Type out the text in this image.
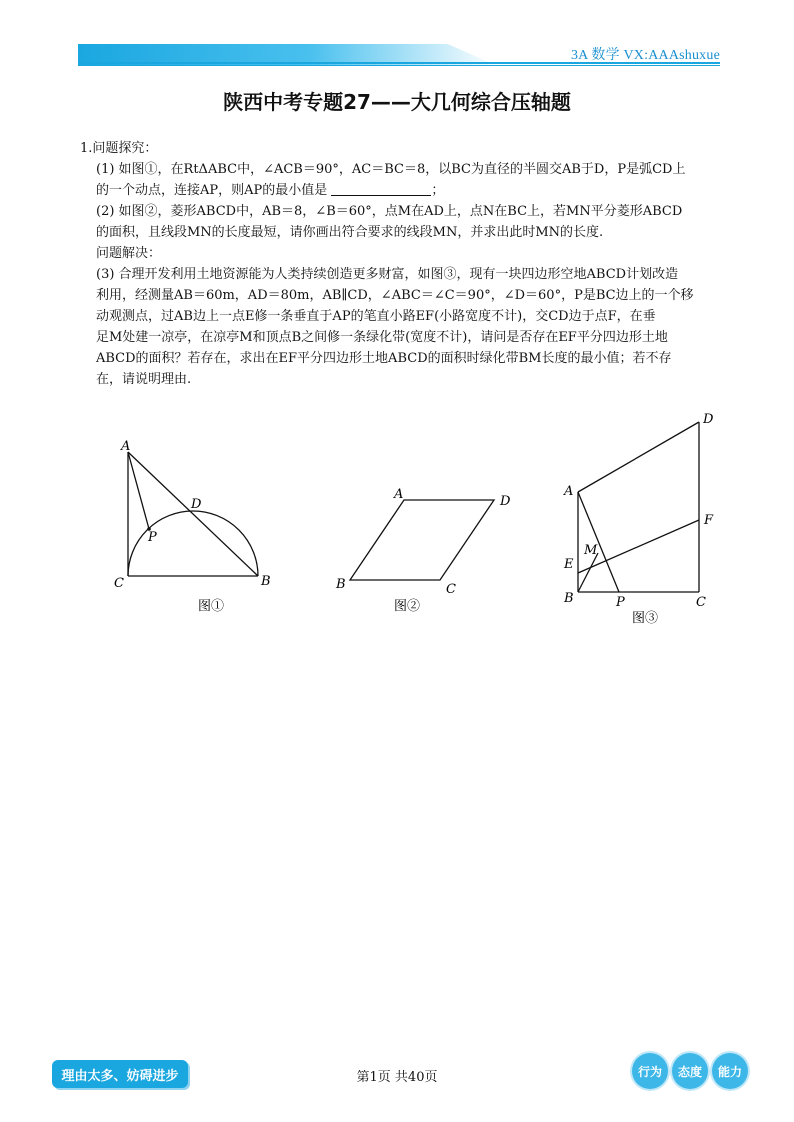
3A 数学 VX:AAAshuxue
陕西中考专题27——大几何综合压轴题

1.问题探究：

(1) 如图①，在RtΔABC中，∠ACB＝90°，AC＝BC＝8，以BC为直径的半圆交AB于D，P是弧CD上

的一个动点，连接AP，则AP的最小值是	；

(2) 如图②，菱形ABCD中，AB＝8，∠B＝60°，点M在AD上，点N在BC上，若MN平分菱形ABCD

的面积，且线段MN的长度最短，请你画出符合要求的线段MN，并求出此时MN的长度.

问题解决：

(3) 合理开发利用土地资源能为人类持续创造更多财富，如图③，现有一块四边形空地ABCD计划改造

利用，经测量AB＝60m，AD＝80m，AB∥CD，∠ABC＝∠C＝90°，∠D＝60°，P是BC边上的一个移

动观测点，过AB边上一点E修一条垂直于AP的笔直小路EF(小路宽度不计)，交CD边于点F，在垂

足M处建一凉亭，在凉亭M和顶点B之间修一条绿化带(宽度不计)，请问是否存在EF平分四边形土地

ABCD的面积？若存在，求出在EF平分四边形土地ABCD的面积时绿化带BM长度的最小值；若不存

在，请说明理由.

A
C	B
D
P
图①
A	D
B	C
图②
D
A
F
M
E
B	P	C
图③
理由太多、妨碍进步	第1页 共40页	行为	态度	能力
